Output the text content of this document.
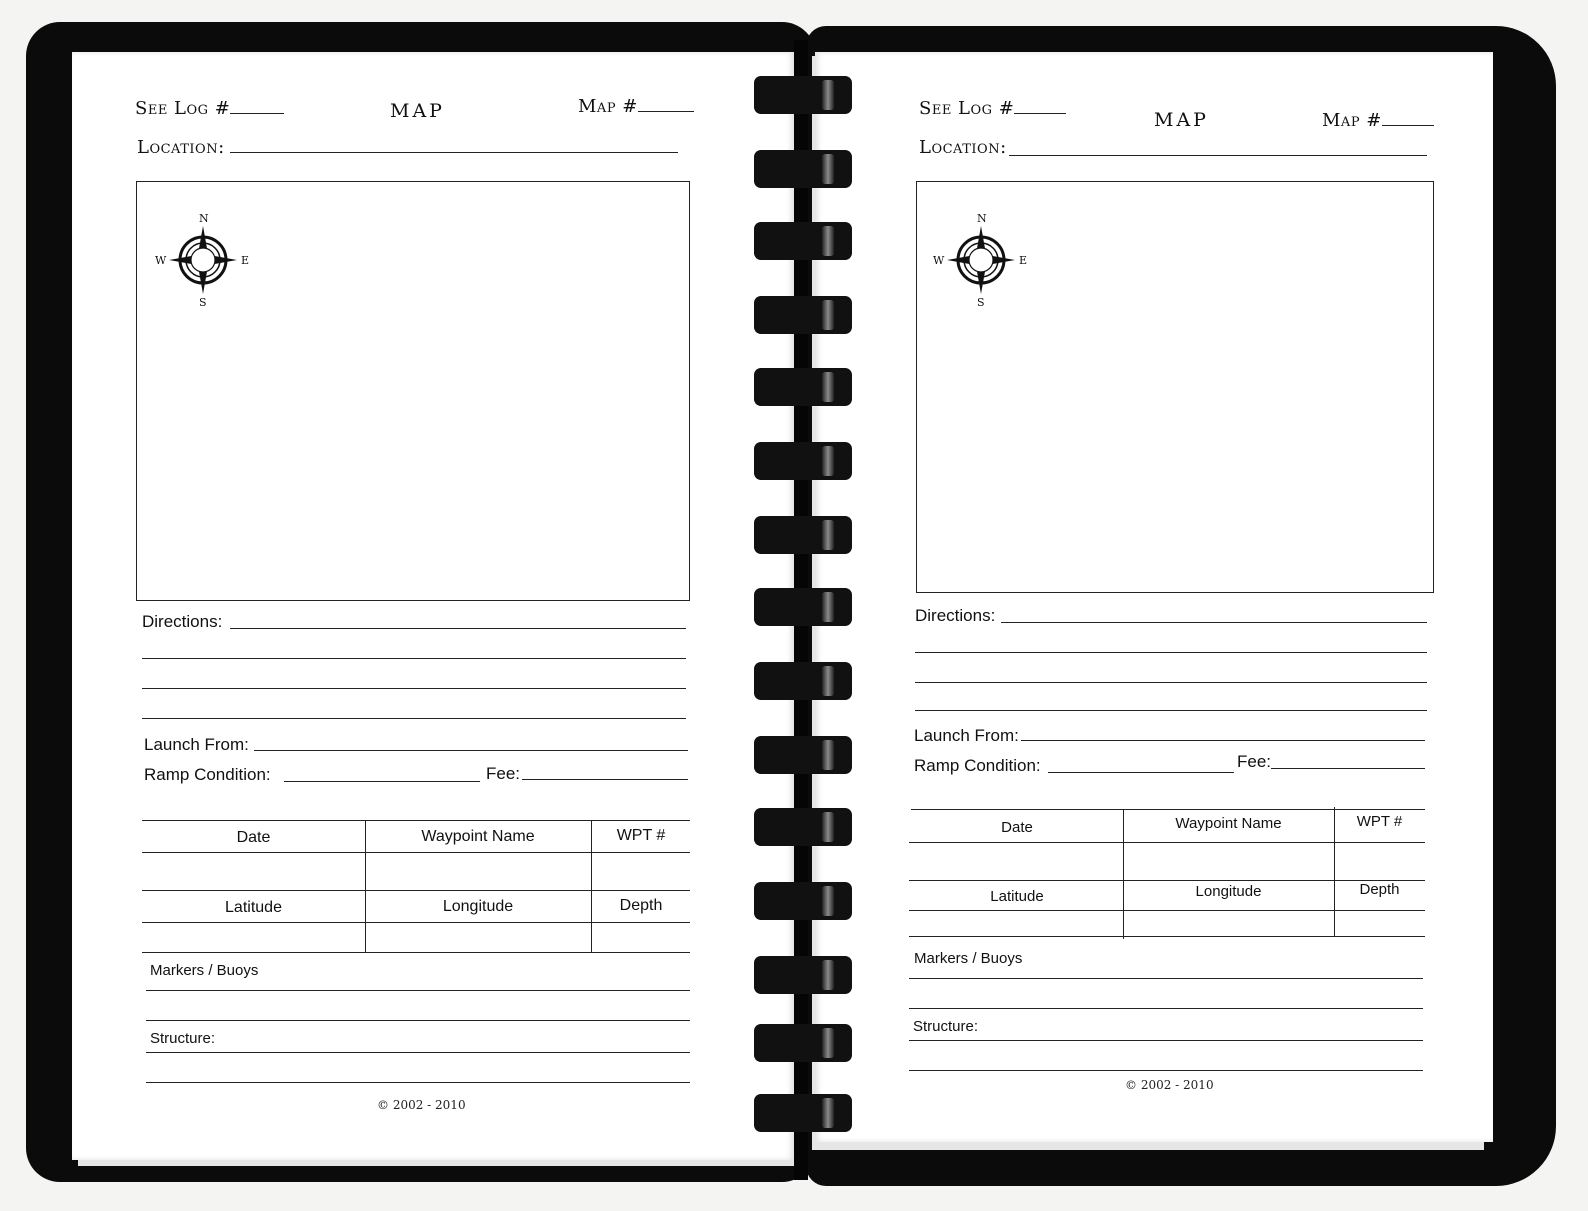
See Log #	MAP	Map #
Location:
N
S
W	E
Directions:
Launch From:
Ramp Condition:	Fee:
Date	Waypoint Name	WPT #
Latitude	Longitude	Depth
Markers / Buoys
Structure:
© 2002 - 2010
See Log #
MAP	Map #
Location:
N
S
W	E
Directions:
Launch From:
Ramp Condition:	Fee:
Date	Waypoint Name	WPT #
Latitude	Longitude	Depth
Markers / Buoys
Structure:
© 2002 - 2010
